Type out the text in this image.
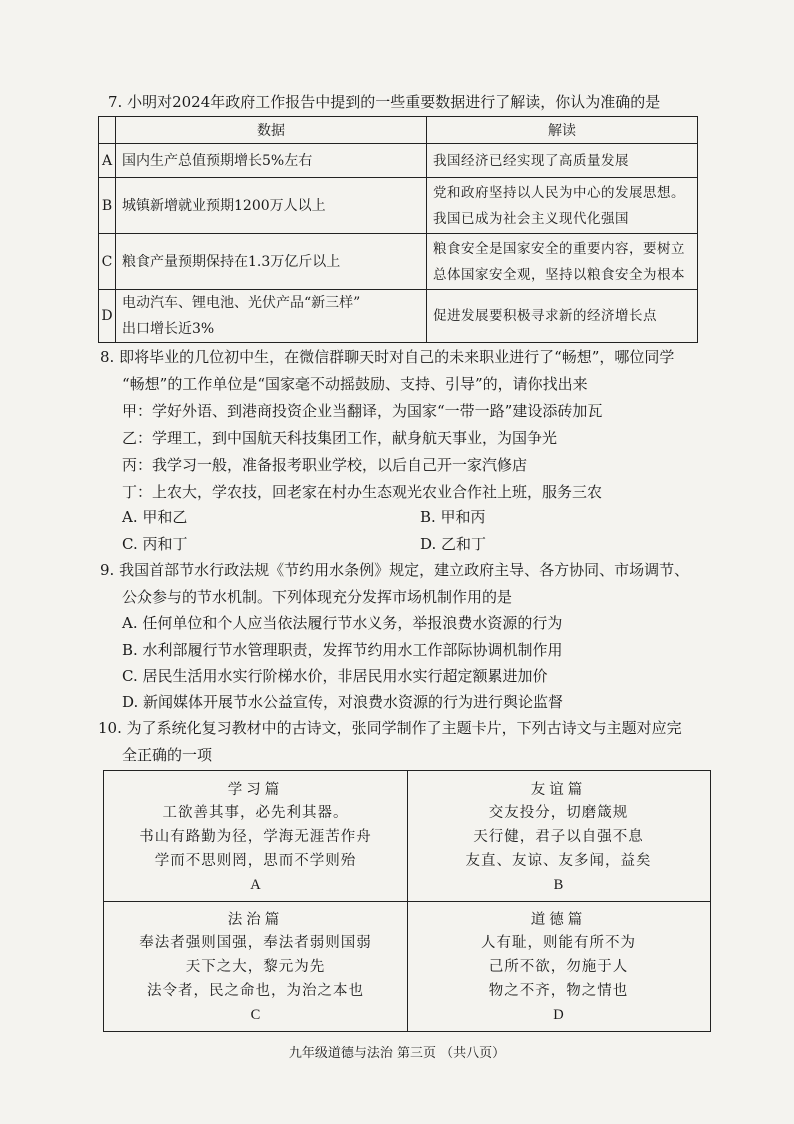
7. 小明对2024年政府工作报告中提到的一些重要数据进行了解读，你认为准确的是
	数据	解读
A	国内生产总值预期增长5%左右	我国经济已经实现了高质量发展

B	城镇新增就业预期1200万人以上	党和政府坚持以人民为中心的发展思想。
我国已成为社会主义现代化强国

C	粮食产量预期保持在1.3万亿斤以上	粮食安全是国家安全的重要内容，要树立
总体国家安全观，坚持以粮食安全为根本

D	电动汽车、锂电池、光伏产品“新三样”
出口增长近3%	促进发展要积极寻求新的经济增长点
8. 即将毕业的几位初中生，在微信群聊天时对自己的未来职业进行了“畅想”，哪位同学
“畅想”的工作单位是“国家毫不动摇鼓励、支持、引导”的，请你找出来
甲：学好外语、到港商投资企业当翻译，为国家“一带一路”建设添砖加瓦
乙：学理工，到中国航天科技集团工作，献身航天事业，为国争光
丙：我学习一般，准备报考职业学校，以后自己开一家汽修店
丁：上农大，学农技，回老家在村办生态观光农业合作社上班，服务三农
A. 甲和乙	B. 甲和丙
C. 丙和丁	D. 乙和丁
9. 我国首部节水行政法规《节约用水条例》规定，建立政府主导、各方协同、市场调节、
公众参与的节水机制。下列体现充分发挥市场机制作用的是
A. 任何单位和个人应当依法履行节水义务，举报浪费水资源的行为
B. 水利部履行节水管理职责，发挥节约用水工作部际协调机制作用
C. 居民生活用水实行阶梯水价，非居民用水实行超定额累进加价
D. 新闻媒体开展节水公益宣传，对浪费水资源的行为进行舆论监督
10. 为了系统化复习教材中的古诗文，张同学制作了主题卡片，下列古诗文与主题对应完
全正确的一项
学习篇
工欲善其事，必先利其器。
书山有路勤为径，学海无涯苦作舟
学而不思则罔，思而不学则殆
A
友谊篇
交友投分，切磨箴规
天行健，君子以自强不息
友直、友谅、友多闻，益矣
B
法治篇
奉法者强则国强，奉法者弱则国弱
天下之大，黎元为先
法令者，民之命也，为治之本也
C
道德篇
人有耻，则能有所不为
己所不欲，勿施于人
物之不齐，物之情也
D
九年级道德与法治 第三页 （共八页）
